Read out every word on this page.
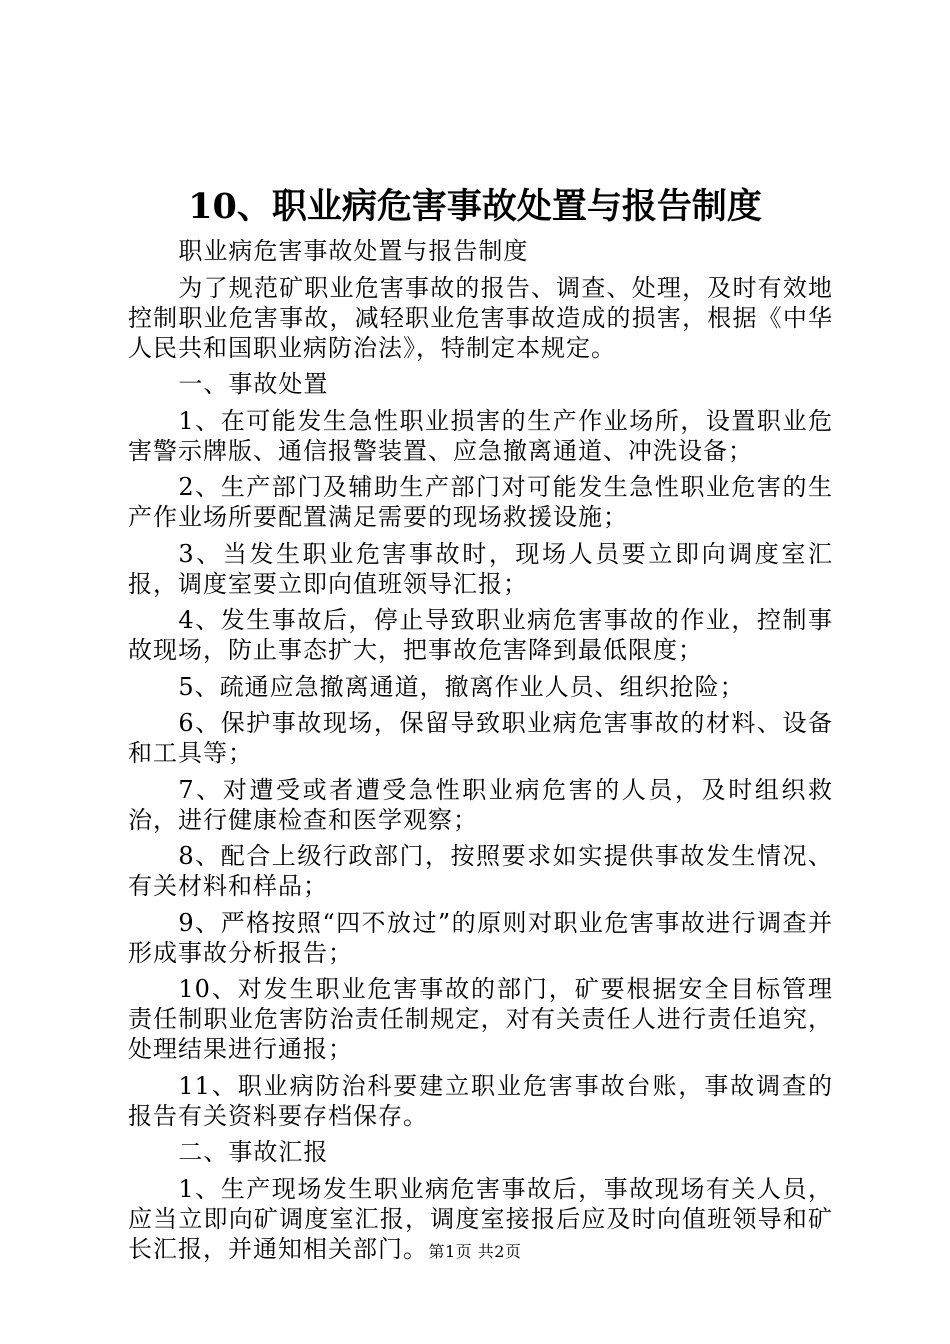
10、职业病危害事故处置与报告制度

职业病危害事故处置与报告制度

为了规范矿职业危害事故的报告、调查、处理，及时有效地控制职业危害事故，减轻职业危害事故造成的损害，根据《中华人民共和国职业病防治法》，特制定本规定。

一、事故处置

1、在可能发生急性职业损害的生产作业场所，设置职业危害警示牌版、通信报警装置、应急撤离通道、冲洗设备；

2、生产部门及辅助生产部门对可能发生急性职业危害的生产作业场所要配置满足需要的现场救援设施；

3、当发生职业危害事故时，现场人员要立即向调度室汇报，调度室要立即向值班领导汇报；

4、发生事故后，停止导致职业病危害事故的作业，控制事故现场，防止事态扩大，把事故危害降到最低限度；

5、疏通应急撤离通道，撤离作业人员、组织抢险；

6、保护事故现场，保留导致职业病危害事故的材料、设备和工具等；

7、对遭受或者遭受急性职业病危害的人员，及时组织救治，进行健康检查和医学观察；

8、配合上级行政部门，按照要求如实提供事故发生情况、有关材料和样品；

9、严格按照“四不放过”的原则对职业危害事故进行调查并形成事故分析报告；

10、对发生职业危害事故的部门，矿要根据安全目标管理责任制职业危害防治责任制规定，对有关责任人进行责任追究，处理结果进行通报；

11、职业病防治科要建立职业危害事故台账，事故调查的报告有关资料要存档保存。

二、事故汇报

1、生产现场发生职业病危害事故后，事故现场有关人员，应当立即向矿调度室汇报，调度室接报后应及时向值班领导和矿长汇报，并通知相关部门。 第1页 共2页
